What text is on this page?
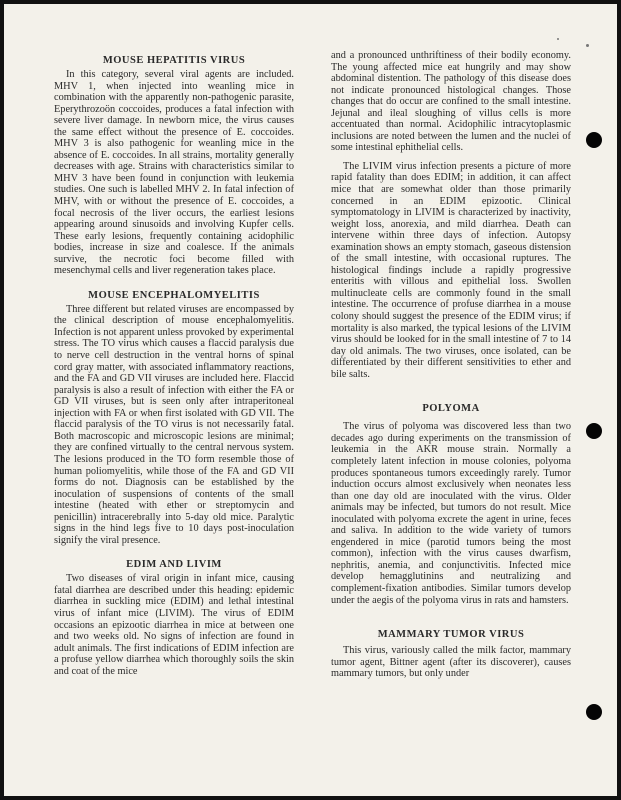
MOUSE HEPATITIS VIRUS

In this category, several viral agents are included. MHV 1, when injected into weanling mice in combination with the apparently non-pathogenic parasite, Eperythrozoön coccoides, produces a fatal infection with severe liver damage. In newborn mice, the virus causes the same effect without the presence of E. coccoides. MHV 3 is also pathogenic for weanling mice in the absence of E. coccoides. In all strains, mortality generally decreases with age. Strains with characteristics similar to MHV 3 have been found in conjunction with leukemia studies. One such is labelled MHV 2. In fatal infection of MHV, with or without the presence of E. coccoides, a focal necrosis of the liver occurs, the earliest lesions appearing around sinusoids and involving Kupfer cells. These early lesions, frequently containing acidophilic bodies, increase in size and coalesce. If the animals survive, the necrotic foci become filled with mesenchymal cells and liver regeneration takes place.

MOUSE ENCEPHALOMYELITIS

Three different but related viruses are encompassed by the clinical description of mouse encephalomyelitis. Infection is not apparent unless provoked by experimental stress. The TO virus which causes a flaccid paralysis due to nerve cell destruction in the ventral horns of spinal cord gray matter, with associated inflammatory reactions, and the FA and GD VII viruses are included here. Flaccid paralysis is also a result of infection with either the FA or GD VII viruses, but is seen only after intraperitoneal injection with FA or when first isolated with GD VII. The flaccid paralysis of the TO virus is not necessarily fatal. Both macroscopic and microscopic lesions are minimal; they are confined virtually to the central nervous system. The lesions produced in the TO form resemble those of human poliomyelitis, while those of the FA and GD VII forms do not. Diagnosis can be established by the inoculation of suspensions of contents of the small intestine (heated with ether or streptomycin and penicillin) intracerebrally into 5-day old mice. Paralytic signs in the hind legs five to 10 days post-inoculation signify the viral presence.

EDIM AND LIVIM

Two diseases of viral origin in infant mice, causing fatal diarrhea are described under this heading: epidemic diarrhea in suckling mice (EDIM) and lethal intestinal virus of infant mice (LIVIM). The virus of EDIM occasions an epizootic diarrhea in mice at between one and two weeks old. No signs of infection are found in adult animals. The first indications of EDIM infection are a profuse yellow diarrhea which thoroughly soils the skin and coat of the mice

and a pronounced unthriftiness of their bodily economy. The young affected mice eat hungrily and may show abdominal distention. The pathology of this disease does not indicate pronounced histological changes. Those changes that do occur are confined to the small intestine. Jejunal and ileal sloughing of villus cells is more accentuated than normal. Acidophilic intracytoplasmic inclusions are noted between the lumen and the nuclei of some intestinal ephithelial cells.

The LIVIM virus infection presents a picture of more rapid fatality than does EDIM; in addition, it can affect mice that are somewhat older than those primarily concerned in an EDIM epizootic. Clinical symptomatology in LIVIM is characterized by inactivity, weight loss, anorexia, and mild diarrhea. Death can intervene within three days of infection. Autopsy examination shows an empty stomach, gaseous distension of the small intestine, with occasional ruptures. The histological findings include a rapidly progressive enteritis with villous and epithelial loss. Swollen multinucleate cells are commonly found in the small intestine. The occurrence of profuse diarrhea in a mouse colony should suggest the presence of the EDIM virus; if mortality is also marked, the typical lesions of the LIVIM virus should be looked for in the small intestine of 7 to 14 day old animals. The two viruses, once isolated, can be differentiated by their different sensitivities to ether and bile salts.

POLYOMA

The virus of polyoma was discovered less than two decades ago during experiments on the transmission of leukemia in the AKR mouse strain. Normally a completely latent infection in mouse colonies, polyoma produces spontaneous tumors exceedingly rarely. Tumor induction occurs almost exclusively when neonates less than one day old are inoculated with the virus. Older animals may be infected, but tumors do not result. Mice inoculated with polyoma excrete the agent in urine, feces and saliva. In addition to the wide variety of tumors engendered in mice (parotid tumors being the most common), infection with the virus causes dwarfism, nephritis, anemia, and conjunctivitis. Infected mice develop hemagglutinins and neutralizing and complement-fixation antibodies. Similar tumors develop under the aegis of the polyoma virus in rats and hamsters.

MAMMARY TUMOR VIRUS

This virus, variously called the milk factor, mammary tumor agent, Bittner agent (after its discoverer), causes mammary tumors, but only under
